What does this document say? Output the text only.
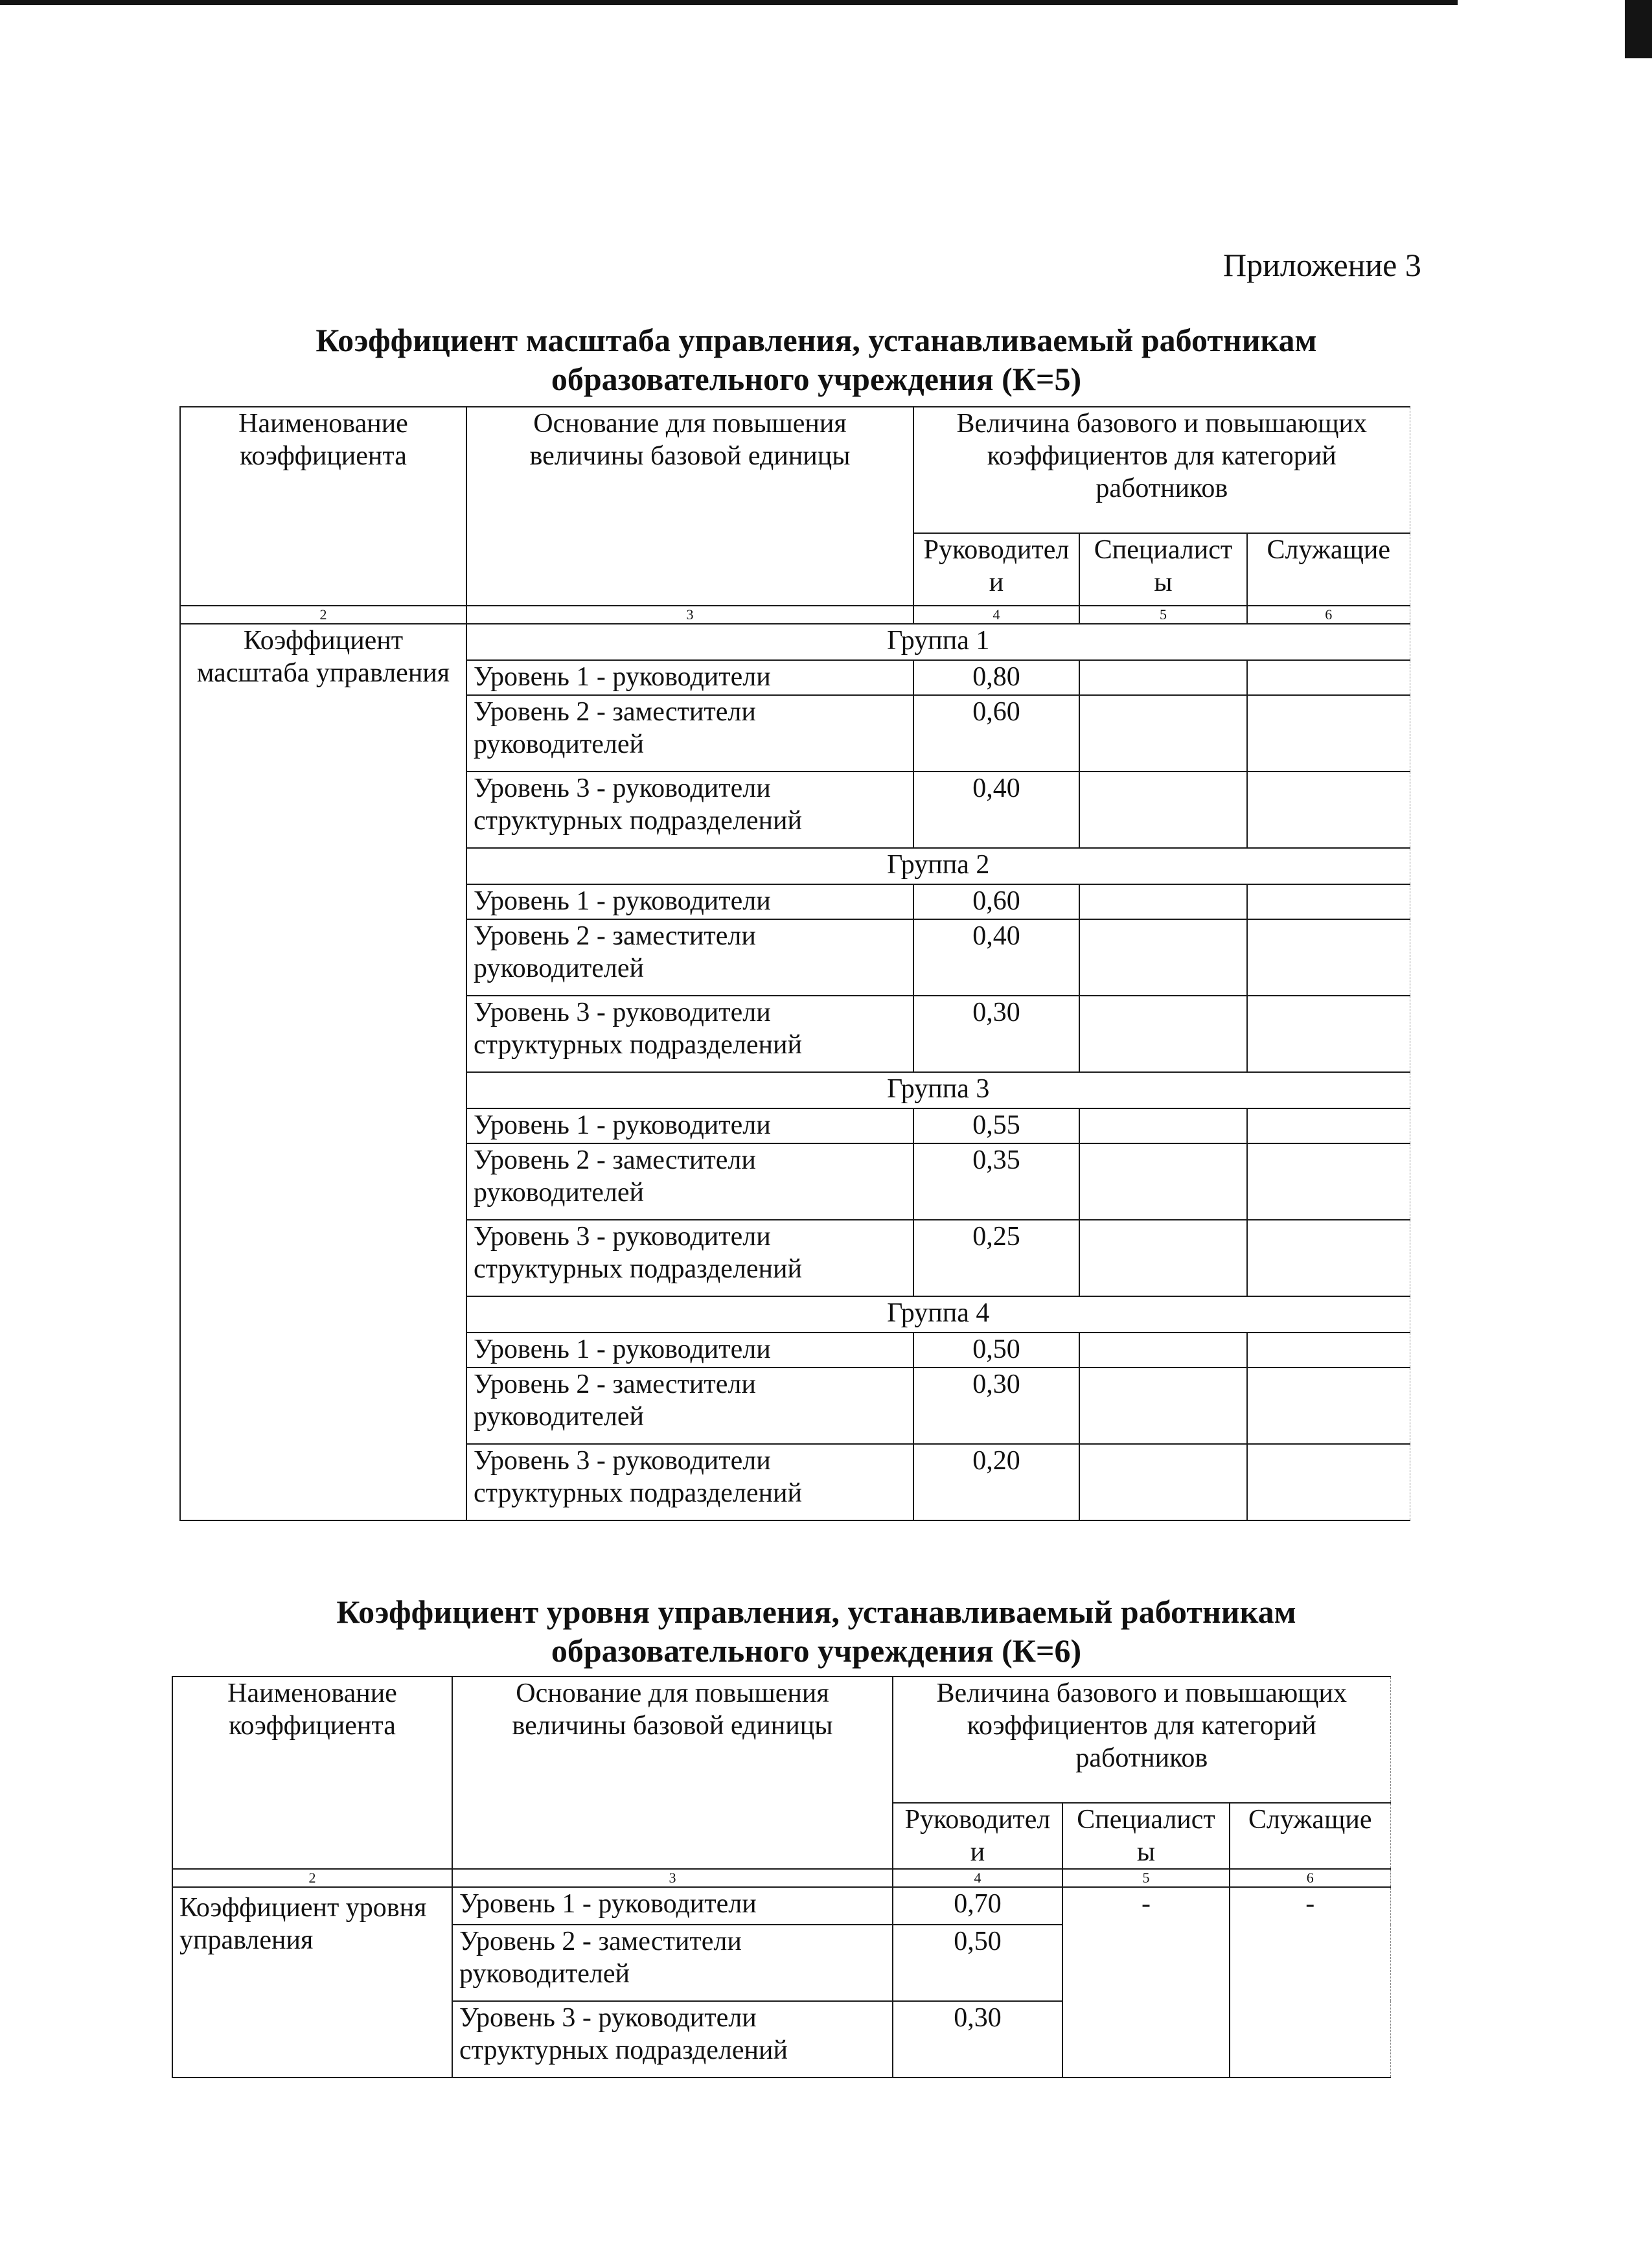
Приложение 3

Коэффициент масштаба управления, устанавливаемый работникам
образовательного учреждения (К=5)
Наименование коэффициента	Основание для повышения величины базовой единицы	Величина базового и повышающих коэффициентов для категорий работников		
		Руководители	Специалисты	Служащие
2	3	4	5	6
Коэффициент масштаба управления	Группа 1			
	Уровень 1 - руководители	0,80		
	Уровень 2 - заместители руководителей	0,60		
	Уровень 3 - руководители структурных подразделений	0,40		
	Группа 2			
	Уровень 1 - руководители	0,60		
	Уровень 2 - заместители руководителей	0,40		
	Уровень 3 - руководители структурных подразделений	0,30		
	Группа 3			
	Уровень 1 - руководители	0,55		
	Уровень 2 - заместители руководителей	0,35		
	Уровень 3 - руководители структурных подразделений	0,25		
	Группа 4			
	Уровень 1 - руководители	0,50		
	Уровень 2 - заместители руководителей	0,30		
	Уровень 3 - руководители структурных подразделений	0,20		
Коэффициент уровня управления, устанавливаемый работникам
образовательного учреждения (К=6)
Наименование коэффициента	Основание для повышения величины базовой единицы	Величина базового и повышающих коэффициентов для категорий работников		
		Руководители	Специалисты	Служащие
2	3	4	5	6
Коэффициент уровня управления	Уровень 1 - руководители	0,70	-	-
	Уровень 2 - заместители руководителей	0,50		
	Уровень 3 - руководители структурных подразделений	0,30		
